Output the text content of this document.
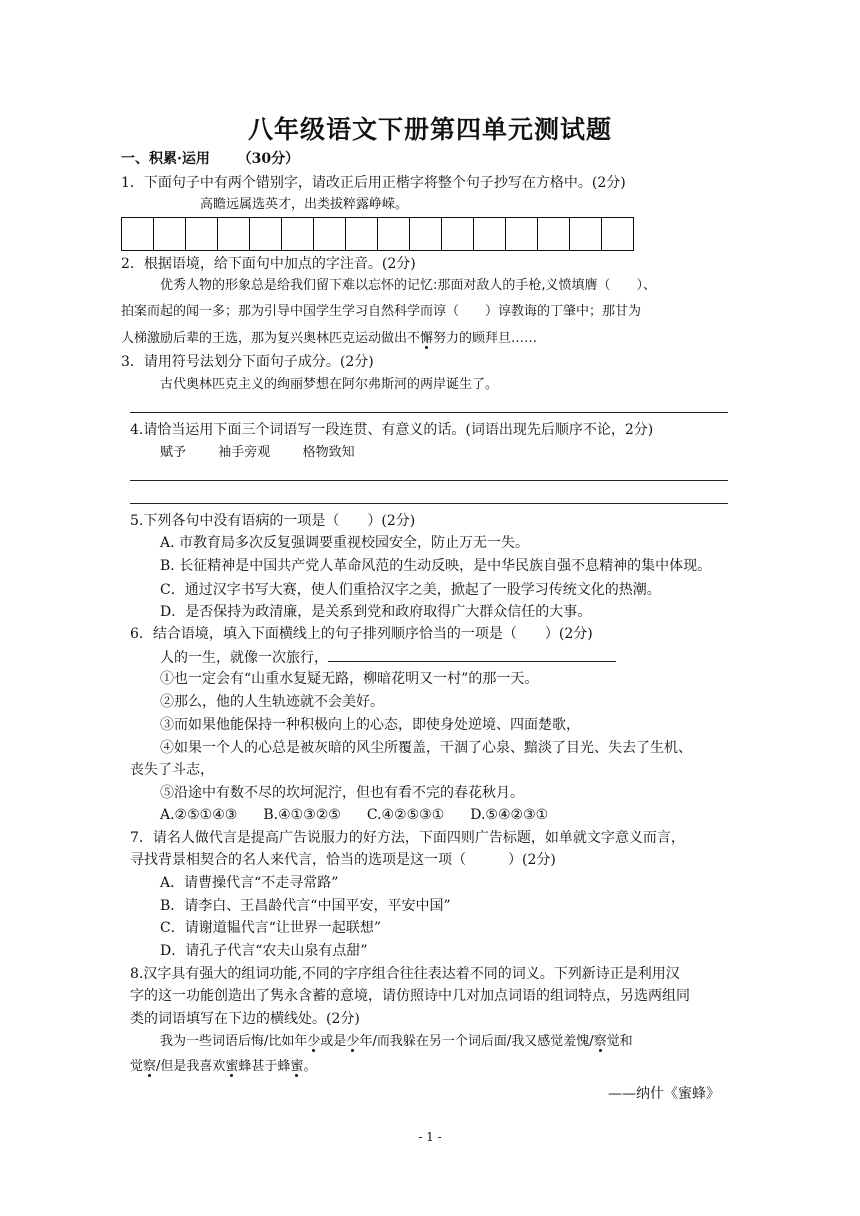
八年级语文下册第四单元测试题
一、积累·运用 （30分）
1．下面句子中有两个错别字，请改正后用正楷字将整个句子抄写在方格中。(2分)
高瞻远属选英才，出类拔粹露峥嵘。
2．根据语境，给下面句中加点的字注音。(2分)
优秀人物的形象总是给我们留下难以忘怀的记忆:那面对敌人的手枪,义愤填膺（　　）、
拍案而起的闻一多；那为引导中国学生学习自然科学而谆（　　）谆教诲的丁肇中；那甘为
人梯激励后辈的王选，那为复兴奥林匹克运动做出不懈努力的顾拜旦……
3．请用符号法划分下面句子成分。(2分)
古代奥林匹克主义的绚丽梦想在阿尔弗斯河的两岸诞生了。
4.请恰当运用下面三个词语写一段连贯、有意义的话。(词语出现先后顺序不论，2分)
赋予 袖手旁观 格物致知
5.下列各句中没有语病的一项是（　　）(2分)
A. 市教育局多次反复强调要重视校园安全，防止万无一失。
B. 长征精神是中国共产党人革命风范的生动反映，是中华民族自强不息精神的集中体现。
C．通过汉字书写大赛，使人们重拾汉字之美，掀起了一股学习传统文化的热潮。
D．是否保持为政清廉，是关系到党和政府取得广大群众信任的大事。
6．结合语境，填入下面横线上的句子排列顺序恰当的一项是（　　）(2分)
人的一生，就像一次旅行，
①也一定会有“山重水复疑无路，柳暗花明又一村”的那一天。
②那么，他的人生轨迹就不会美好。
③而如果他能保持一种积极向上的心态，即使身处逆境、四面楚歌，
④如果一个人的心总是被灰暗的风尘所覆盖，干涸了心泉、黯淡了目光、失去了生机、
丧失了斗志，
⑤沿途中有数不尽的坎坷泥泞，但也有看不完的春花秋月。
A.②⑤①④③ B.④①③②⑤ C.④②⑤③① D.⑤④②③①
7．请名人做代言是提高广告说服力的好方法，下面四则广告标题，如单就文字意义而言，
寻找背景相契合的名人来代言，恰当的选项是这一项（　　　）(2分)
A．请曹操代言“不走寻常路”
B．请李白、王昌龄代言“中国平安，平安中国”
C．请谢道韫代言“让世界一起联想”
D．请孔子代言“农夫山泉有点甜”
8.汉字具有强大的组词功能,不同的字序组合往往表达着不同的词义。下列新诗正是利用汉
字的这一功能创造出了隽永含蓄的意境，请仿照诗中几对加点词语的组词特点，另选两组同
类的词语填写在下边的横线处。(2分)
我为一些词语后悔/比如年少或是少年/而我躲在另一个词后面/我又感觉羞愧/察觉和
觉察/但是我喜欢蜜蜂甚于蜂蜜。
——纳什《蜜蜂》
- 1 -
